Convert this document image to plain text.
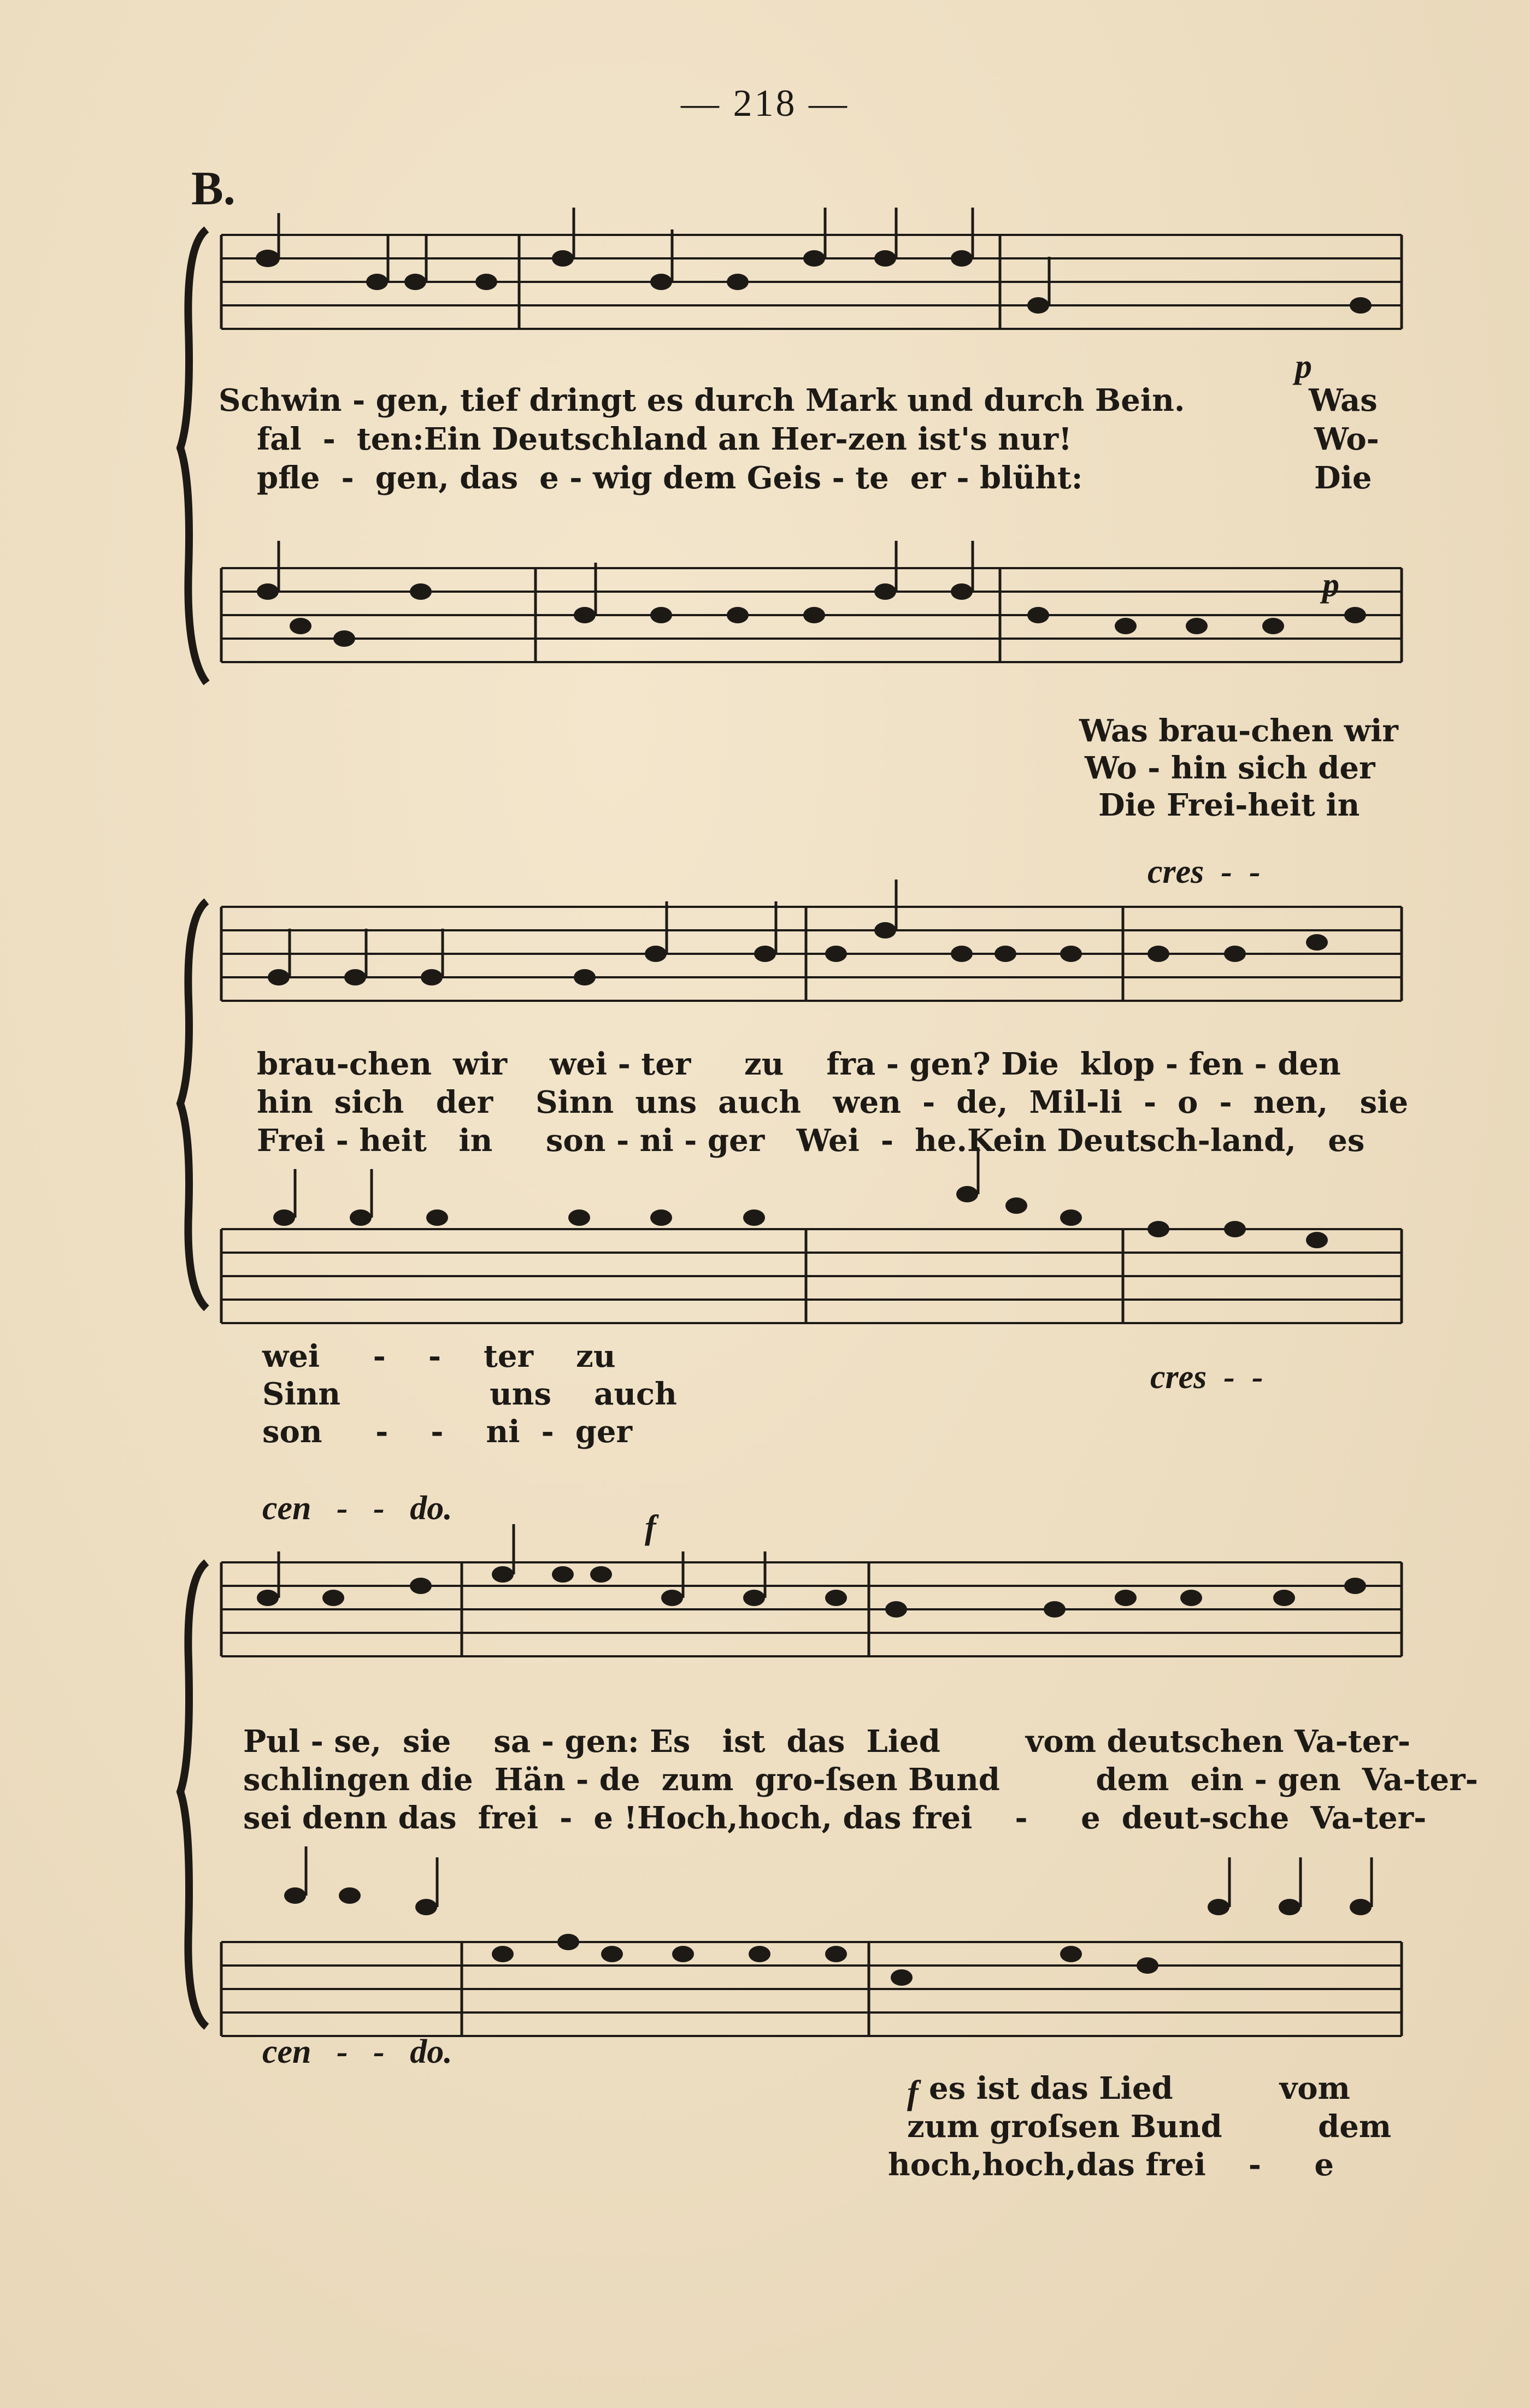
— 218 —
B.
Schwin - gen, tief dringt es durch Mark und durch Bein.
fal  -  ten:Ein Deutschland an Her-zen ist's nur!
pfle  -  gen, das  e - wig dem Geis - te  er - blüht:
Was
Wo-
Die
p
p
Was brau-chen wir
Wo - hin sich der
Die Frei-heit in
cres  -  -
brau-chen  wir    wei - ter     zu    fra - gen? Die  klop - fen - den
hin  sich   der    Sinn  uns  auch   wen  -  de,  Mil-li  -  o  -  nen,   sie
Frei - heit   in     son - ni - ger   Wei  -  he.Kein Deutsch-land,   es
wei     -    -    ter    zu
Sinn              uns    auch
son     -    -    ni  -  ger
cres  -  -
cen   -   -   do.
f
Pul - se,  sie    sa - gen: Es   ist  das  Lied        vom deutschen Va-ter-
schlingen die  Hän - de  zum  gro-ſsen Bund         dem  ein - gen  Va-ter-
sei denn das  frei  -  e !Hoch,hoch, das frei    -     e  deut-sche  Va-ter-
cen   -   -   do.
f es ist das Lied          vom
zum groſsen Bund         dem
hoch,hoch,das frei    -     e
